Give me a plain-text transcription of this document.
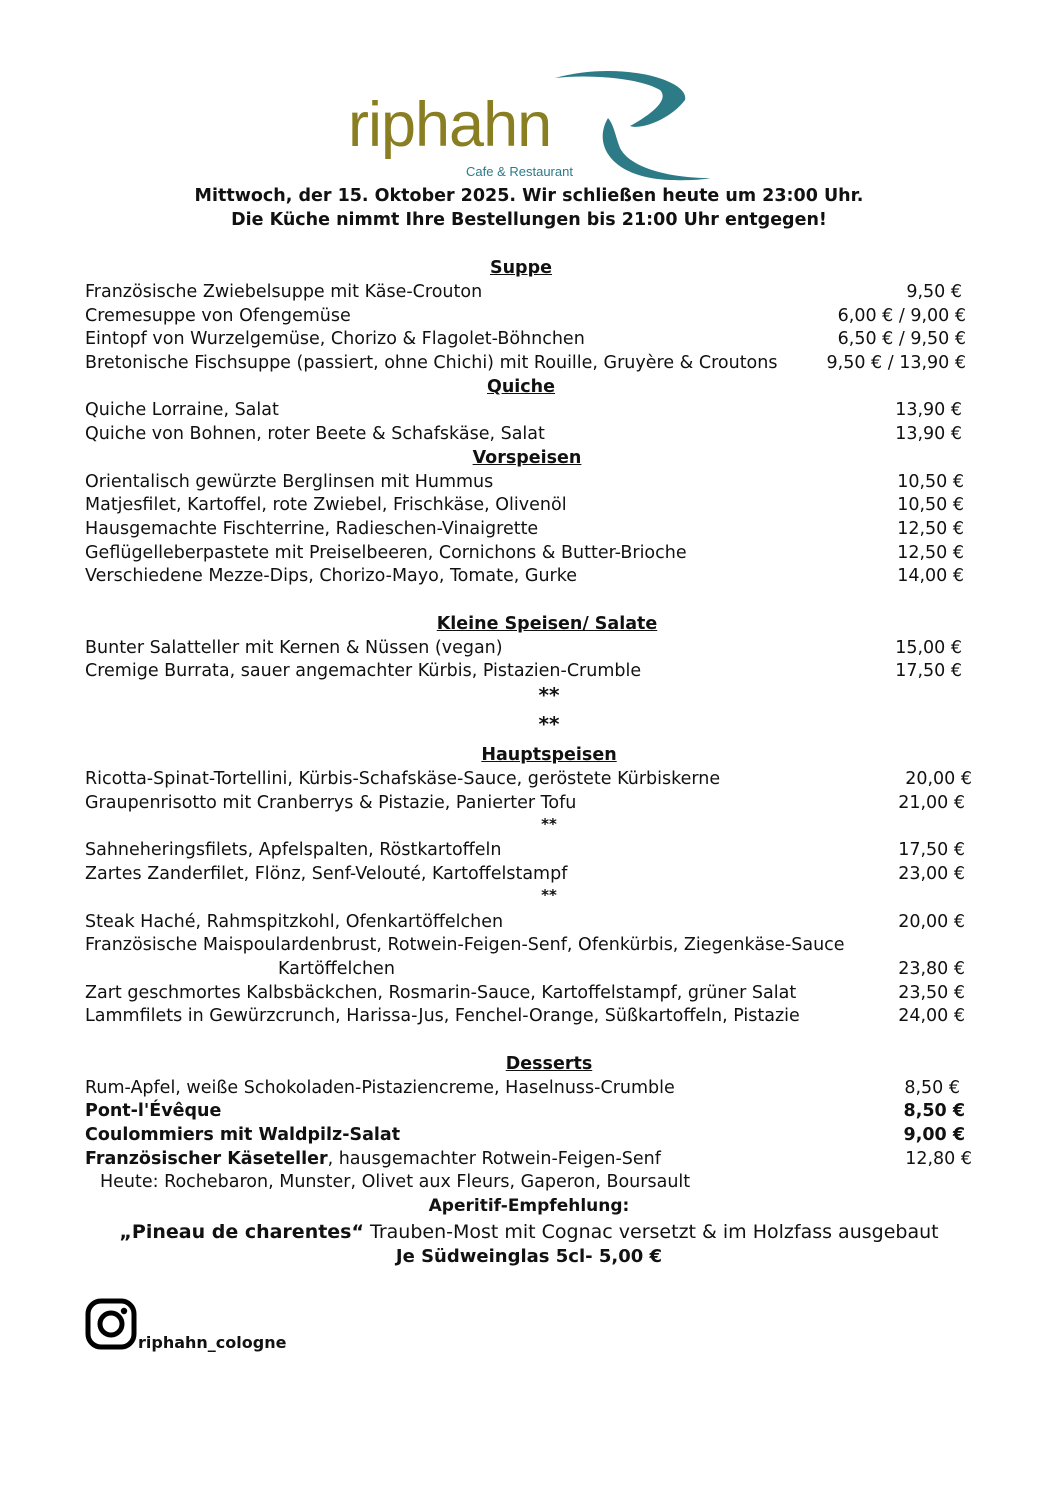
riphahn
Cafe & Restaurant
Mittwoch, der 15. Oktober 2025. Wir schließen heute um 23:00 Uhr.
Die Küche nimmt Ihre Bestellungen bis 21:00 Uhr entgegen!
Suppe
Französische Zwiebelsuppe mit Käse-Crouton	9,50 €
Cremesuppe von Ofengemüse	6,00 € / 9,00 €
Eintopf von Wurzelgemüse, Chorizo & Flagolet-Böhnchen	6,50 € / 9,50 €
Bretonische Fischsuppe (passiert, ohne Chichi) mit Rouille, Gruyère & Croutons	9,50 € / 13,90 €
Quiche
Quiche Lorraine, Salat	13,90 €
Quiche von Bohnen, roter Beete & Schafskäse, Salat	13,90 €
Vorspeisen
Orientalisch gewürzte Berglinsen mit Hummus	10,50 €
Matjesfilet, Kartoffel, rote Zwiebel, Frischkäse, Olivenöl	10,50 €
Hausgemachte Fischterrine, Radieschen-Vinaigrette	12,50 €
Geflügelleberpastete mit Preiselbeeren, Cornichons & Butter-Brioche	12,50 €
Verschiedene Mezze-Dips, Chorizo-Mayo, Tomate, Gurke	14,00 €
Kleine Speisen/ Salate
Bunter Salatteller mit Kernen & Nüssen (vegan)	15,00 €
Cremige Burrata, sauer angemachter Kürbis, Pistazien-Crumble	17,50 €
**
**
Hauptspeisen
Ricotta-Spinat-Tortellini, Kürbis-Schafskäse-Sauce, geröstete Kürbiskerne	20,00 €
Graupenrisotto mit Cranberrys & Pistazie, Panierter Tofu	21,00 €
**
Sahneheringsfilets, Apfelspalten, Röstkartoffeln	17,50 €
Zartes Zanderfilet, Flönz, Senf-Velouté, Kartoffelstampf	23,00 €
**
Steak Haché, Rahmspitzkohl, Ofenkartöffelchen	20,00 €
Französische Maispoulardenbrust, Rotwein-Feigen-Senf, Ofenkürbis, Ziegenkäse-Sauce
Kartöffelchen	23,80 €
Zart geschmortes Kalbsbäckchen, Rosmarin-Sauce, Kartoffelstampf, grüner Salat	23,50 €
Lammfilets in Gewürzcrunch, Harissa-Jus, Fenchel-Orange, Süßkartoffeln, Pistazie	24,00 €
Desserts
Rum-Apfel, weiße Schokoladen-Pistaziencreme, Haselnuss-Crumble	8,50 €
Pont-l'Évêque	8,50 €
Coulommiers mit Waldpilz-Salat	9,00 €
Französischer Käseteller, hausgemachter Rotwein-Feigen-Senf	12,80 €
Heute: Rochebaron, Munster, Olivet aux Fleurs, Gaperon, Boursault
Aperitif-Empfehlung:
„Pineau de charentes“ Trauben-Most mit Cognac versetzt & im Holzfass ausgebaut
Je Südweinglas 5cl- 5,00 €
riphahn_cologne
